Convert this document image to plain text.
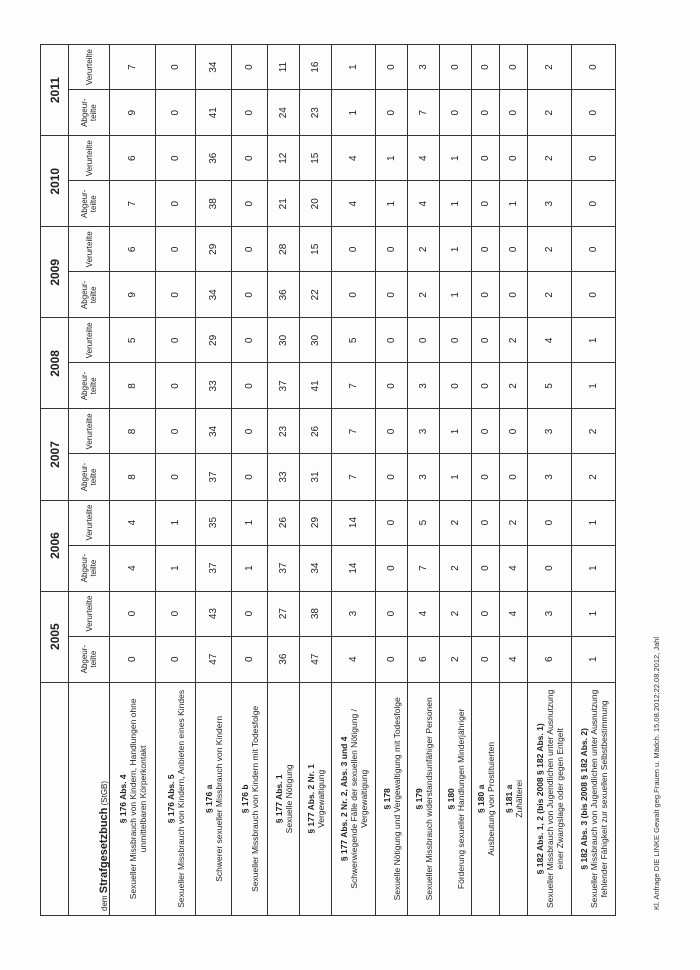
	2005		2006		2007		2008		2009		2010		2011	
dem Strafgesetzbuch (StGB)	Abgeur-teilte	Verurteilte	Abgeur-teilte	Verurteilte	Abgeur-teilte	Verurteilte	Abgeur-teilte	Verurteilte	Abgeur-teilte	Verurteilte	Abgeur-teilte	Verurteilte	Abgeur-teilte	Verurteilte

§ 176 Abs. 4 Sexueller Missbrauch von Kindern, Handlungen ohne unmittelbaren Körperkontakt	0	0	4	4	8	8	8	5	9	6	7	6	9	7

§ 176 Abs. 5 Sexueller Missbrauch von Kindern, Anbieten eines Kindes	0	0	1	1	0	0	0	0	0	0	0	0	0	0

§ 176 a Schwerer sexueller Missbrauch von Kindern	47	43	37	35	37	34	33	29	34	29	38	36	41	34

§ 176 b Sexueller Missbrauch von Kindern mit Todesfolge	0	0	1	1	0	0	0	0	0	0	0	0	0	0

§ 177 Abs. 1 Sexuelle Nötigung	36	27	37	26	33	23	37	30	36	28	21	12	24	11

§ 177 Abs. 2 Nr. 1 Vergewaltigung	47	38	34	29	31	26	41	30	22	15	20	15	23	16

§ 177 Abs. 2 Nr. 2, Abs. 3 und 4 Schwerwiegende Fälle der sexuellen Nötigung / Vergewaltigung	4	3	14	14	7	7	7	5	0	0	4	4	1	1

§ 178 Sexuelle Nötigung und Vergewaltigung mit Todesfolge	0	0	0	0	0	0	0	0	0	0	1	1	0	0

§ 179 Sexueller Missbrauch widerstandsunfähiger Personen	6	4	7	5	3	3	3	0	2	2	4	4	7	3

§ 180 Förderung sexueller Handlungen Minderjähriger	2	2	2	2	1	1	0	0	1	1	1	1	0	0

§ 180 a Ausbeutung von Prostituierten	0	0	0	0	0	0	0	0	0	0	0	0	0	0

§ 181 a Zuhälterei	4	4	4	2	0	0	2	2	0	0	1	0	0	0

§ 182 Abs. 1, 2 (bis 2008 § 182 Abs. 1) Sexueller Missbrauch von Jugendlichen unter Ausnutzung einer Zwangslage oder gegen Entgelt	6	3	0	0	3	3	5	4	2	2	3	2	2	2

§ 182 Abs. 3 (bis 2008 § 182 Abs. 2) Sexueller Missbrauch von Jugendlichen unter Ausnutzung fehlender Fähigkeit zur sexuellen Selbstbestimmung	1	1	1	1	2	2	1	1	0	0	0	0	0	0
Kl. Anfrage DIE LINKE Gewalt geg.Frauen u. Mädch. 15.08.2012;22.08.2012, Jahl
